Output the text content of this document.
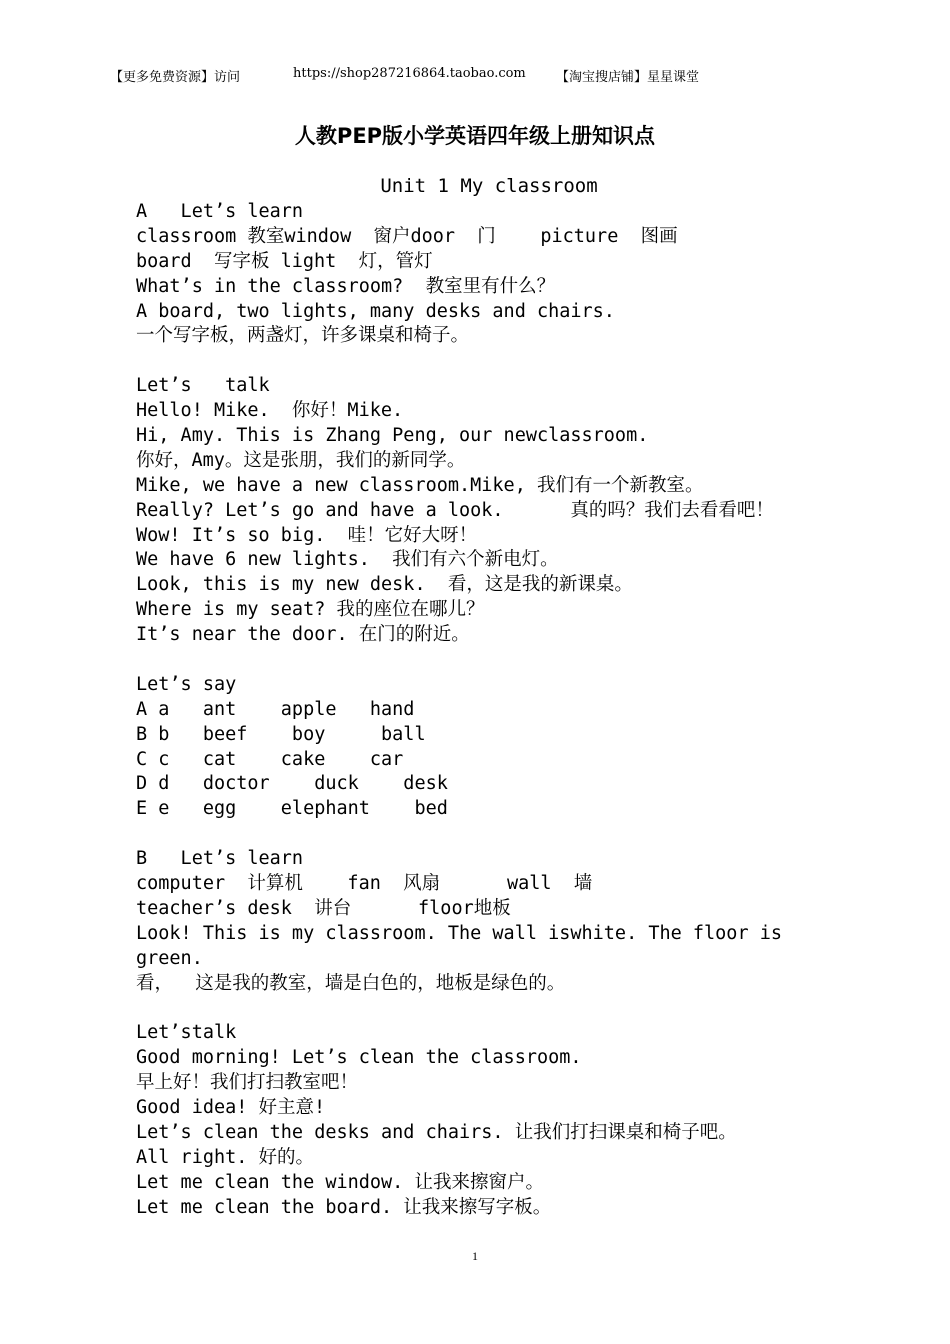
【更多免费资源】访问	https://shop287216864.taobao.com 【淘宝搜店铺】星星课堂
人教PEP版小学英语四年级上册知识点
Unit 1 My classroom
A   Let’s learn
classroom 教室window  窗户door  门    picture  图画
board  写字板 light  灯，管灯
What’s in the classroom?  教室里有什么？
A board, two lights, many desks and chairs.
一个写字板，两盏灯，许多课桌和椅子。
Let’s   talk
Hello! Mike.  你好！Mike.
Hi, Amy. This is Zhang Peng, our newclassroom.
你好，Amy。这是张朋，我们的新同学。
Mike, we have a new classroom.Mike, 我们有一个新教室。
Really? Let’s go and have a look.      真的吗？我们去看看吧！
Wow! It’s so big.  哇！它好大呀！
We have 6 new lights.  我们有六个新电灯。
Look, this is my new desk.  看，这是我的新课桌。
Where is my seat? 我的座位在哪儿？
It’s near the door. 在门的附近。
Let’s say
A a   ant    apple   hand
B b   beef    boy     ball
C c   cat    cake    car
D d   doctor    duck    desk
E e   egg    elephant    bed
B   Let’s learn
computer  计算机    fan  风扇      wall  墙
teacher’s desk  讲台      floor地板
Look! This is my classroom. The wall iswhite. The floor is
green.
看，  这是我的教室，墙是白色的，地板是绿色的。
Let’stalk
Good morning! Let’s clean the classroom.
早上好！我们打扫教室吧！
Good idea! 好主意!
Let’s clean the desks and chairs. 让我们打扫课桌和椅子吧。
All right. 好的。
Let me clean the window. 让我来擦窗户。
Let me clean the board. 让我来擦写字板。
1
